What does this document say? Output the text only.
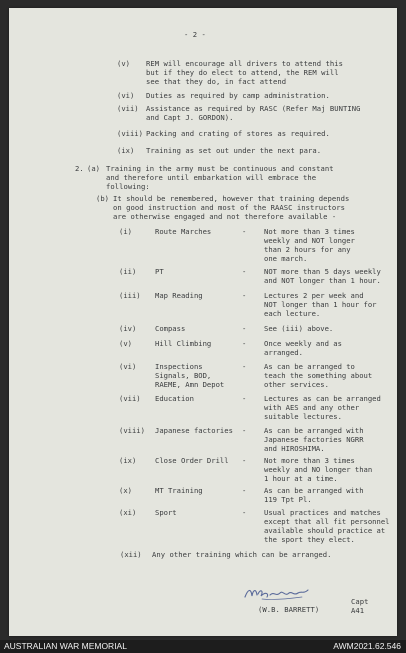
- 2 -
(v) REM will encourage all drivers to attend this
but if they do elect to attend, the REM will
see that they do, in fact attend
(vi) Duties as required by camp administration.
(vii) Assistance as required by RASC (Refer Maj BUNTING
and Capt J. GORDON).
(viii) Packing and crating of stores as required.
(ix) Training as set out under the next para.
2. (a) Training in the army must be continuous and constant
and therefore until embarkation will embrace the
following:
(b) It should be remembered, however that training depends
on good instruction and most of the RAASC instructors
are otherwise engaged and not therefore available -
(i)	Route Marches	- Not more than 3 times
weekly and NOT longer
than 2 hours for any
one march.
(ii)	PT	- NOT more than 5 days weekly
and NOT longer than 1 hour.
(iii) Map Reading	- Lectures 2 per week and
NOT longer than 1 hour for
each lecture.
(iv)	Compass	- See (iii) above.
(v)	Hill Climbing	- Once weekly and as
arranged.
(vi)	Inspections
Signals, BOD,
RAEME, Amn Depot
- As can be arranged to
teach the something about
other services.
(vii) Education	- Lectures as can be arranged
with AES and any other
suitable lectures.
(viii) Japanese factories - As can be arranged with
Japanese factories NGRR
and HIROSHIMA.
(ix)	Close Order Drill - Not more than 3 times
weekly and NO longer than
1 hour at a time.
(x)	MT Training	- As can be arranged with
119 Tpt Pl.
(xi)	Sport	- Usual practices and matches
except that all fit personnel
available should practice at
the sport they elect.
(xii) Any other training which can be arranged.
(W.B. BARRETT)
Capt
A41
AUSTRALIAN WAR MEMORIAL	AWM2021.62.546
